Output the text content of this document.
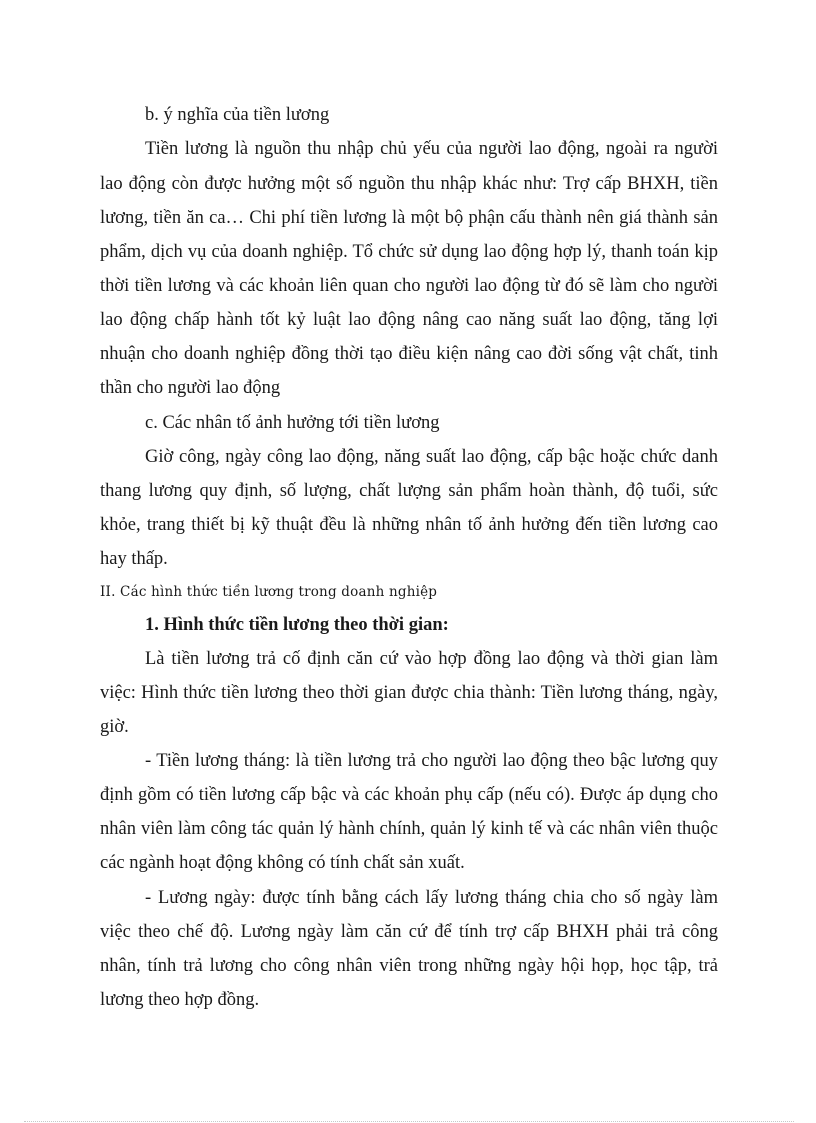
b. ý nghĩa của tiền lương

Tiền lương là nguồn thu nhập chủ yếu của người lao động, ngoài ra người

lao động còn được hưởng một số nguồn thu nhập khác như: Trợ cấp BHXH, tiền

lương, tiền ăn ca… Chi phí tiền lương là một bộ phận cấu thành nên giá thành sản

phẩm, dịch vụ của doanh nghiệp. Tổ chức sử dụng lao động hợp lý, thanh toán kịp

thời tiền lương và các khoản liên quan cho người lao động từ đó sẽ làm cho người

lao động chấp hành tốt kỷ luật lao động nâng cao năng suất lao động, tăng lợi

nhuận cho doanh nghiệp đồng thời tạo điều kiện nâng cao đời sống vật chất, tinh

thần cho người lao động

c. Các nhân tố ảnh hưởng tới tiền lương

Giờ công, ngày công lao động, năng suất lao động, cấp bậc hoặc chức danh

thang lương quy định, số lượng, chất lượng sản phẩm hoàn thành, độ tuổi, sức

khỏe, trang thiết bị kỹ thuật đều là những nhân tố ảnh hưởng đến tiền lương cao

hay thấp.

II. Các hình thức tiền lương trong doanh nghiệp

1. Hình thức tiền lương theo thời gian:

Là tiền lương trả cố định căn cứ vào hợp đồng lao động và thời gian làm

việc: Hình thức tiền lương theo thời gian được chia thành: Tiền lương tháng, ngày,

giờ.

- Tiền lương tháng: là tiền lương trả cho người lao động theo bậc lương quy

định gồm có tiền lương cấp bậc và các khoản phụ cấp (nếu có). Được áp dụng cho

nhân viên làm công tác quản lý hành chính, quản lý kinh tế và các nhân viên thuộc

các ngành hoạt động không có tính chất sản xuất.

- Lương ngày: được tính bằng cách lấy lương tháng chia cho số ngày làm

việc theo chế độ. Lương ngày làm căn cứ để tính trợ cấp BHXH phải trả công

nhân, tính trả lương cho công nhân viên trong những ngày hội họp, học tập, trả

lương theo hợp đồng.
